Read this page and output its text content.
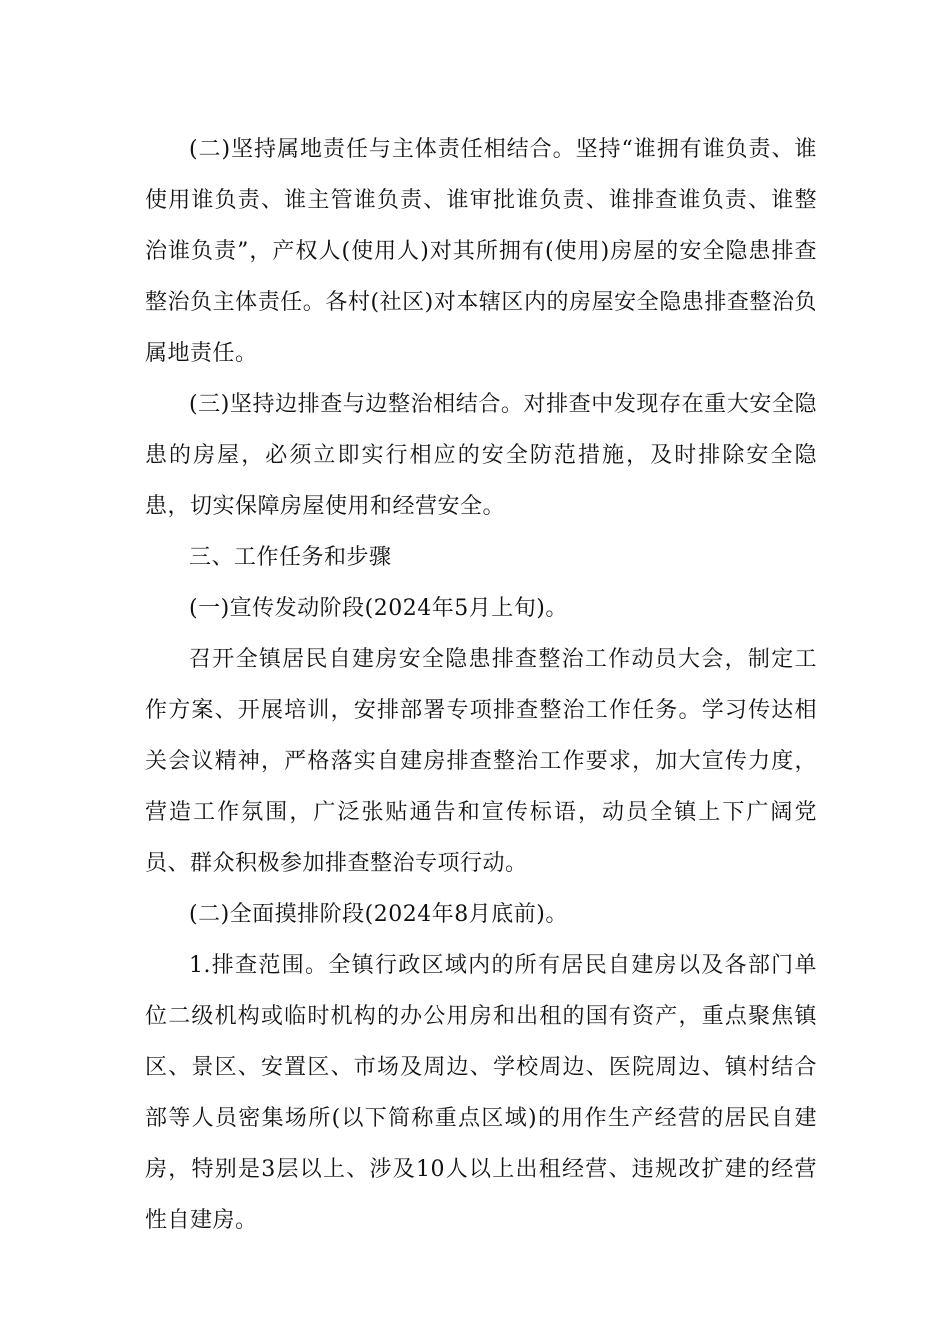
(二)坚持属地责任与主体责任相结合。坚持“谁拥有谁负责、谁使用谁负责、谁主管谁负责、谁审批谁负责、谁排查谁负责、谁整治谁负责”，产权人(使用人)对其所拥有(使用)房屋的安全隐患排查整治负主体责任。各村(社区)对本辖区内的房屋安全隐患排查整治负属地责任。

(三)坚持边排查与边整治相结合。对排查中发现存在重大安全隐患的房屋，必须立即实行相应的安全防范措施，及时排除安全隐患，切实保障房屋使用和经营安全。

三、工作任务和步骤

(一)宣传发动阶段(2024年5月上旬)。

召开全镇居民自建房安全隐患排查整治工作动员大会，制定工作方案、开展培训，安排部署专项排查整治工作任务。学习传达相关会议精神，严格落实自建房排查整治工作要求，加大宣传力度，营造工作氛围，广泛张贴通告和宣传标语，动员全镇上下广阔党员、群众积极参加排查整治专项行动。

(二)全面摸排阶段(2024年8月底前)。

1.排查范围。全镇行政区域内的所有居民自建房以及各部门单位二级机构或临时机构的办公用房和出租的国有资产，重点聚焦镇区、景区、安置区、市场及周边、学校周边、医院周边、镇村结合部等人员密集场所(以下简称重点区域)的用作生产经营的居民自建房，特别是3层以上、涉及10人以上出租经营、违规改扩建的经营性自建房。
